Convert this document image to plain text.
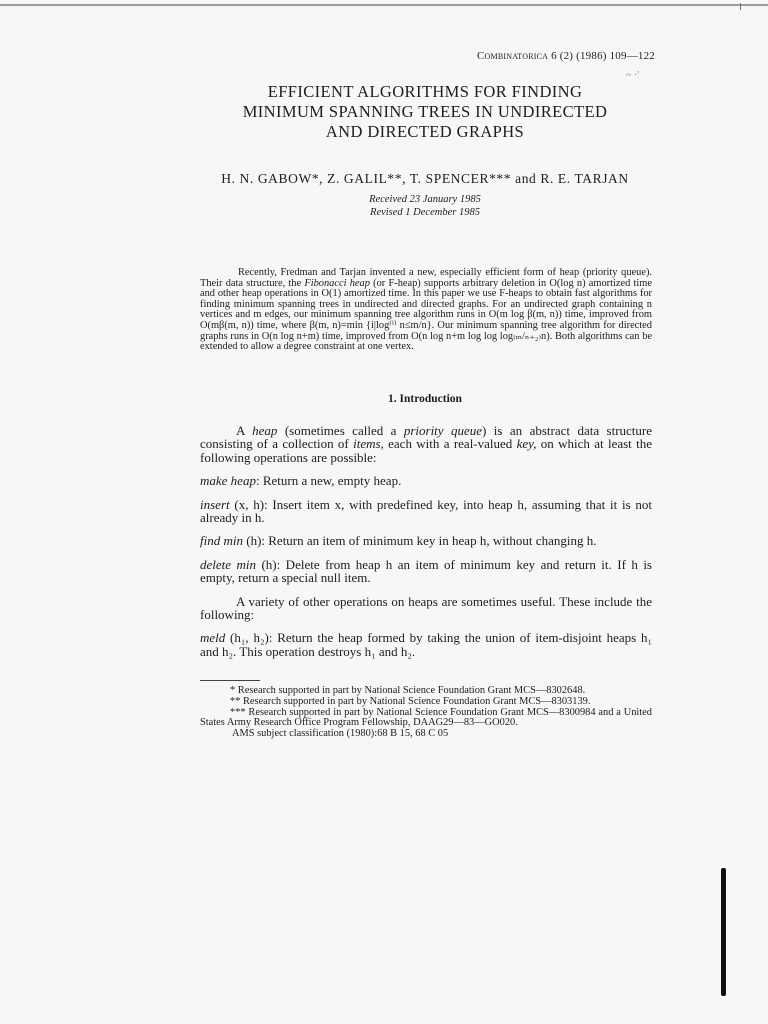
Combinatorica 6 (2) (1986) 109—122
~ ·'
EFFICIENT ALGORITHMS FOR FINDING
MINIMUM SPANNING TREES IN UNDIRECTED
AND DIRECTED GRAPHS
H. N. GABOW*, Z. GALIL**, T. SPENCER*** and R. E. TARJAN
Received 23 January 1985
Revised 1 December 1985

Recently, Fredman and Tarjan invented a new, especially efficient form of heap (priority queue). Their data structure, the Fibonacci heap (or F-heap) supports arbitrary deletion in O(log n) amortized time and other heap operations in O(1) amortized time. In this paper we use F-heaps to obtain fast algorithms for finding minimum spanning trees in undirected and directed graphs. For an undirected graph containing n vertices and m edges, our minimum spanning tree algorithm runs in O(m log β(m, n)) time, improved from O(mβ(m, n)) time, where β(m, n)=min {i|log⁽ⁱ⁾ n≤m/n}. Our minimum spanning tree algorithm for directed graphs runs in O(n log n+m) time, improved from O(n log n+m log log log₍ₘ/ₙ₊₂₎n). Both algorithms can be extended to allow a degree constraint at one vertex.

1. Introduction

A heap (sometimes called a priority queue) is an abstract data structure consisting of a collection of items, each with a real-valued key, on which at least the following operations are possible:

make heap: Return a new, empty heap.

insert (x, h): Insert item x, with predefined key, into heap h, assuming that it is not already in h.

find min (h): Return an item of minimum key in heap h, without changing h.

delete min (h): Delete from heap h an item of minimum key and return it. If h is empty, return a special null item.

A variety of other operations on heaps are sometimes useful. These include the following:

meld (h₁, h₂): Return the heap formed by taking the union of item-disjoint heaps h₁ and h₂. This operation destroys h₁ and h₂.

* Research supported in part by National Science Foundation Grant MCS—8302648.

** Research supported in part by National Science Foundation Grant MCS—8303139.

*** Research supported in part by National Science Foundation Grant MCS—8300984 and a United States Army Research Office Program Fellowship, DAAG29—83—GO020.

AMS subject classification (1980):68 B 15, 68 C 05
